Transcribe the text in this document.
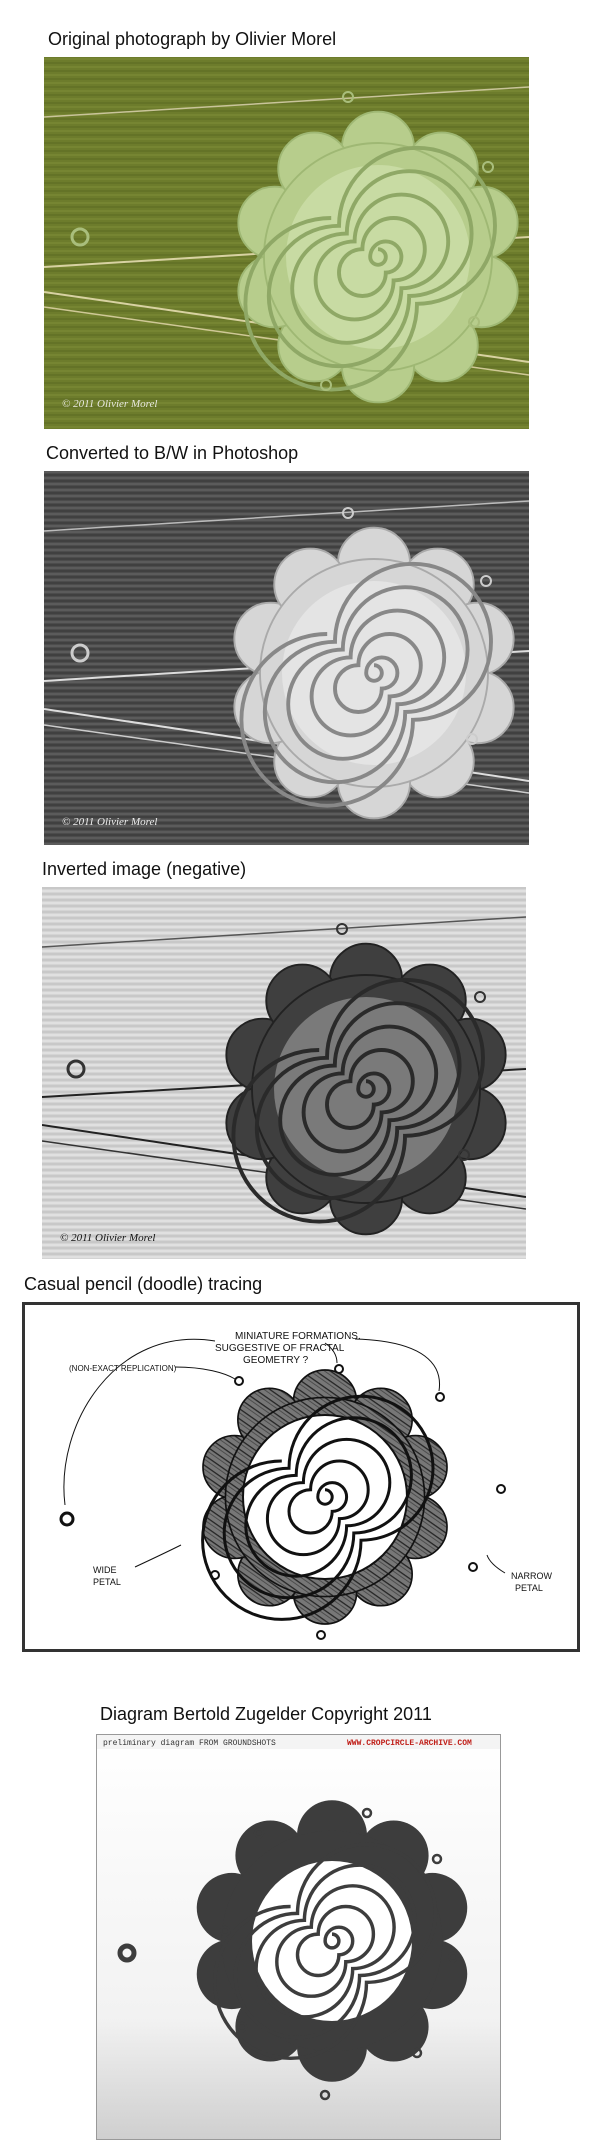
Original photograph by Olivier Morel
© 2011 Olivier Morel
Converted to B/W in Photoshop
© 2011 Olivier Morel
Inverted image (negative)
© 2011 Olivier Morel
Casual pencil (doodle) tracing
MINIATURE FORMATIONS.
SUGGESTIVE OF FRACTAL
GEOMETRY ?
(NON-EXACT REPLICATION)
WIDE
PETAL
NARROW
PETAL
Diagram Bertold Zugelder Copyright 2011
preliminary diagram FROM GROUNDSHOTS	WWW.CROPCIRCLE-ARCHIVE.COM
